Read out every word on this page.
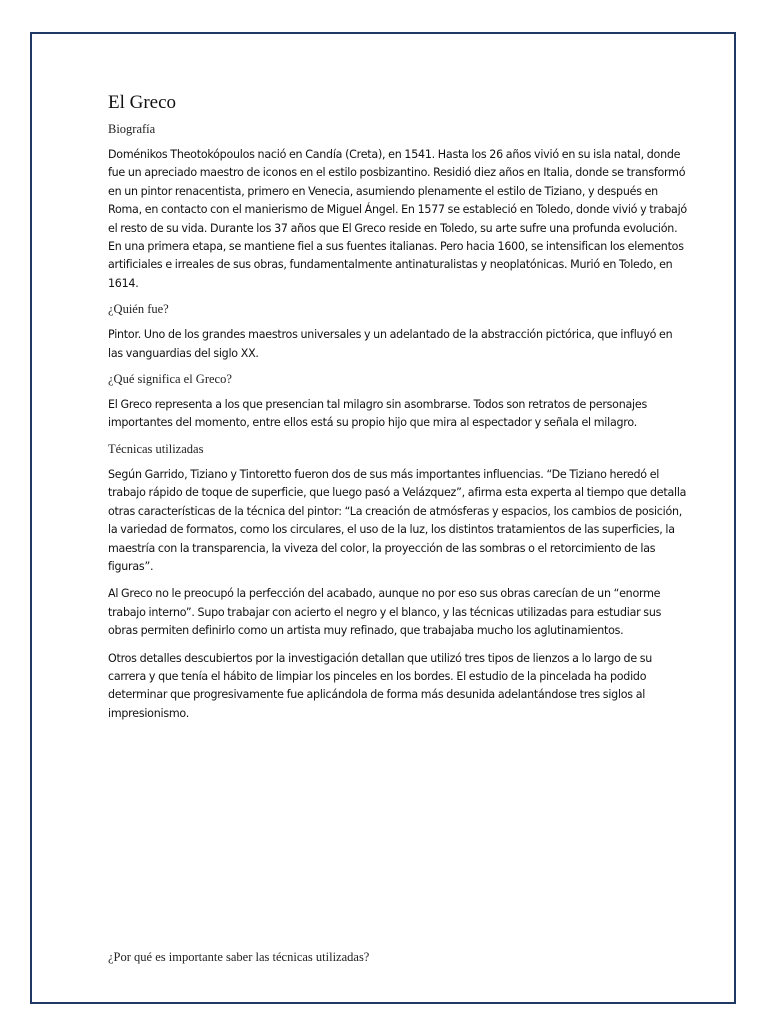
El Greco
Biografía

Doménikos Theotokópoulos nació en Candía (Creta), en 1541. Hasta los 26 años vivió en su isla natal, donde fue un apreciado maestro de iconos en el estilo posbizantino. Residió diez años en Italia, donde se transformó en un pintor renacentista, primero en Venecia, asumiendo plenamente el estilo de Tiziano, y después en Roma, en contacto con el manierismo de Miguel Ángel. En 1577 se estableció en Toledo, donde vivió y trabajó el resto de su vida. Durante los 37 años que El Greco reside en Toledo, su arte sufre una profunda evolución. En una primera etapa, se mantiene fiel a sus fuentes italianas. Pero hacia 1600, se intensifican los elementos artificiales e irreales de sus obras, fundamentalmente antinaturalistas y neoplatónicas. Murió en Toledo, en 1614.

¿Quién fue?

Pintor. Uno de los grandes maestros universales y un adelantado de la abstracción pictórica, que influyó en las vanguardias del siglo XX.

¿Qué significa el Greco?

El Greco representa a los que presencian tal milagro sin asombrarse. Todos son retratos de personajes importantes del momento, entre ellos está su propio hijo que mira al espectador y señala el milagro.

Técnicas utilizadas

Según Garrido, Tiziano y Tintoretto fueron dos de sus más importantes influencias. “De Tiziano heredó el trabajo rápido de toque de superficie, que luego pasó a Velázquez”, afirma esta experta al tiempo que detalla otras características de la técnica del pintor: “La creación de atmósferas y espacios, los cambios de posición, la variedad de formatos, como los circulares, el uso de la luz, los distintos tratamientos de las superficies, la maestría con la transparencia, la viveza del color, la proyección de las sombras o el retorcimiento de las figuras”.

Al Greco no le preocupó la perfección del acabado, aunque no por eso sus obras carecían de un “enorme trabajo interno”. Supo trabajar con acierto el negro y el blanco, y las técnicas utilizadas para estudiar sus obras permiten definirlo como un artista muy refinado, que trabajaba mucho los aglutinamientos.

Otros detalles descubiertos por la investigación detallan que utilizó tres tipos de lienzos a lo largo de su carrera y que tenía el hábito de limpiar los pinceles en los bordes. El estudio de la pincelada ha podido determinar que progresivamente fue aplicándola de forma más desunida adelantándose tres siglos al impresionismo.

¿Por qué es importante saber las técnicas utilizadas?
